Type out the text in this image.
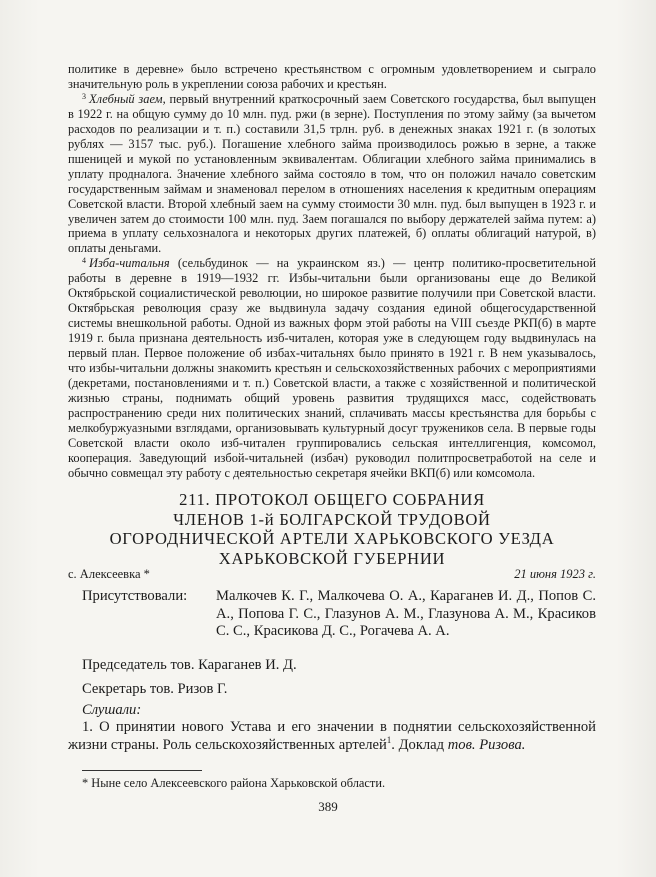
политике в деревне» было встречено крестьянством с огромным удовлетворением и сыграло значительную роль в укреплении союза рабочих и крестьян.

$^3$ Хлебный заем, первый внутренний краткосрочный заем Советского государства, был выпущен в 1922 г. на общую сумму до 10 млн. пуд. ржи (в зерне). Поступления по этому займу (за вычетом расходов по реализации и т. п.) составили 31,5 трлн. руб. в денежных знаках 1921 г. (в золотых рублях — 3157 тыс. руб.). Погашение хлебного займа производилось рожью в зерне, а также пшеницей и мукой по установленным эквивалентам. Облигации хлебного займа принимались в уплату продналога. Значение хлебного займа состояло в том, что он положил начало советским государственным займам и знаменовал перелом в отношениях населения к кредитным операциям Советской власти. Второй хлебный заем на сумму стоимости 30 млн. пуд. был выпущен в 1923 г. и увеличен затем до стоимости 100 млн. пуд. Заем погашался по выбору держателей займа путем: а) приема в уплату сельхозналога и некоторых других платежей, б) оплаты облигаций натурой, в) оплаты деньгами.

$^4$ Изба-читальня (сельбудинок — на украинском яз.) — центр политико-просветительной работы в деревне в 1919—1932 гг. Избы-читальни были организованы еще до Великой Октябрьской социалистической революции, но широкое развитие получили при Советской власти. Октябрьская революция сразу же выдвинула задачу создания единой общегосударственной системы внешкольной работы. Одной из важных форм этой работы на VIII съезде РКП(б) в марте 1919 г. была признана деятельность изб-читален, которая уже в следующем году выдвинулась на первый план. Первое положение об избах-читальнях было принято в 1921 г. В нем указывалось, что избы-читальни должны знакомить крестьян и сельскохозяйственных рабочих с мероприятиями (декретами, постановлениями и т. п.) Советской власти, а также с хозяйственной и политической жизнью страны, поднимать общий уровень развития трудящихся масс, содействовать распространению среди них политических знаний, сплачивать массы крестьянства для борьбы с мелкобуржуазными взглядами, организовывать культурный досуг тружеников села. В первые годы Советской власти около изб-читален группировались сельская интеллигенция, комсомол, кооперация. Заведующий избой-читальней (избач) руководил политпросветработой на селе и обычно совмещал эту работу с деятельностью секретаря ячейки ВКП(б) или комсомола.

211. ПРОТОКОЛ ОБЩЕГО СОБРАНИЯ
ЧЛЕНОВ 1-й БОЛГАРСКОЙ ТРУДОВОЙ
ОГОРОДНИЧЕСКОЙ АРТЕЛИ ХАРЬКОВСКОГО УЕЗДА
ХАРЬКОВСКОЙ ГУБЕРНИИ
с. Алексеевка *	21 июня 1923 г.
Присутствовали:	Малкочев К. Г., Малкочева О. А., Караганев И. Д., Попов С. А., Попова Г. С., Глазунов А. М., Глазунова А. М., Красиков С. С., Красикова Д. С., Рогачева А. А.
Председатель тов. Караганев И. Д.
Секретарь тов. Ризов Г.
Слушали:
1. О принятии нового Устава и его значении в поднятии сельскохозяйственной жизни страны. Роль сельскохозяйственных артелей$^1$. Доклад тов. Ризова.
* Ныне село Алексеевского района Харьковской области.
389
